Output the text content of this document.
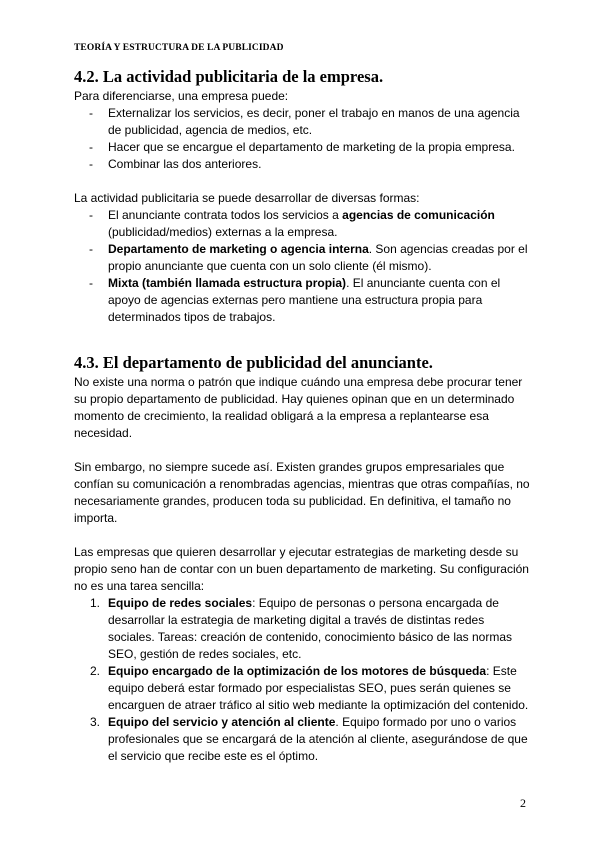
TEORÍA Y ESTRUCTURA DE LA PUBLICIDAD
4.2. La actividad publicitaria de la empresa.

Para diferenciarse, una empresa puede:

- Externalizar los servicios, es decir, poner el trabajo en manos de una agencia de publicidad, agencia de medios, etc.
- Hacer que se encargue el departamento de marketing de la propia empresa.
- Combinar las dos anteriores.

La actividad publicitaria se puede desarrollar de diversas formas:

- El anunciante contrata todos los servicios a agencias de comunicación (publicidad/medios) externas a la empresa.
- Departamento de marketing o agencia interna. Son agencias creadas por el propio anunciante que cuenta con un solo cliente (él mismo).
- Mixta (también llamada estructura propia). El anunciante cuenta con el apoyo de agencias externas pero mantiene una estructura propia para determinados tipos de trabajos.
4.3. El departamento de publicidad del anunciante.

No existe una norma o patrón que indique cuándo una empresa debe procurar tener su propio departamento de publicidad. Hay quienes opinan que en un determinado momento de crecimiento, la realidad obligará a la empresa a replantearse esa necesidad.

Sin embargo, no siempre sucede así. Existen grandes grupos empresariales que confían su comunicación a renombradas agencias, mientras que otras compañías, no necesariamente grandes, producen toda su publicidad. En definitiva, el tamaño no importa.

Las empresas que quieren desarrollar y ejecutar estrategias de marketing desde su propio seno han de contar con un buen departamento de marketing. Su configuración no es una tarea sencilla:

1. Equipo de redes sociales: Equipo de personas o persona encargada de desarrollar la estrategia de marketing digital a través de distintas redes sociales. Tareas: creación de contenido, conocimiento básico de las normas SEO, gestión de redes sociales, etc.
2. Equipo encargado de la optimización de los motores de búsqueda: Este equipo deberá estar formado por especialistas SEO, pues serán quienes se encarguen de atraer tráfico al sitio web mediante la optimización del contenido.
3. Equipo del servicio y atención al cliente. Equipo formado por uno o varios profesionales que se encargará de la atención al cliente, asegurándose de que el servicio que recibe este es el óptimo.
2
